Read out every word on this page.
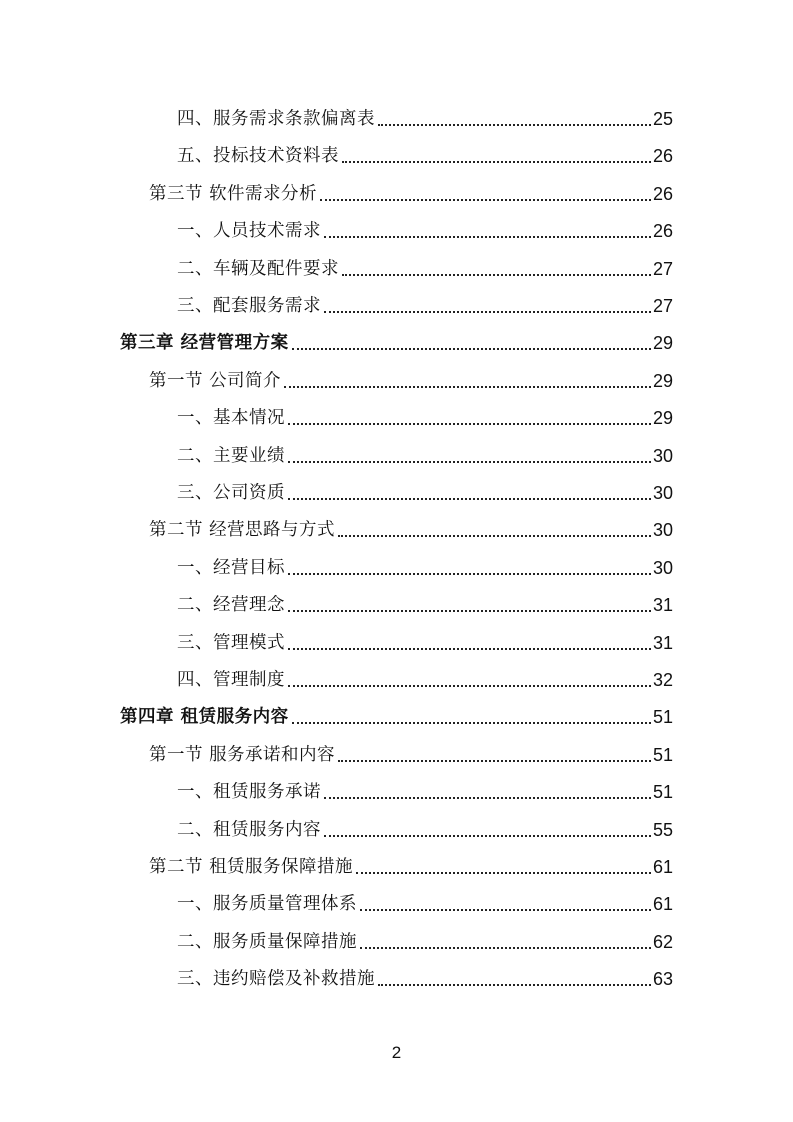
四、服务需求条款偏离表	25
五、投标技术资料表	26
第三节 软件需求分析	26
一、人员技术需求	26
二、车辆及配件要求	27
三、配套服务需求	27
第三章 经营管理方案	29
第一节 公司简介	29
一、基本情况	29
二、主要业绩	30
三、公司资质	30
第二节 经营思路与方式	30
一、经营目标	30
二、经营理念	31
三、管理模式	31
四、管理制度	32
第四章 租赁服务内容	51
第一节 服务承诺和内容	51
一、租赁服务承诺	51
二、租赁服务内容	55
第二节 租赁服务保障措施	61
一、服务质量管理体系	61
二、服务质量保障措施	62
三、违约赔偿及补救措施	63
2
